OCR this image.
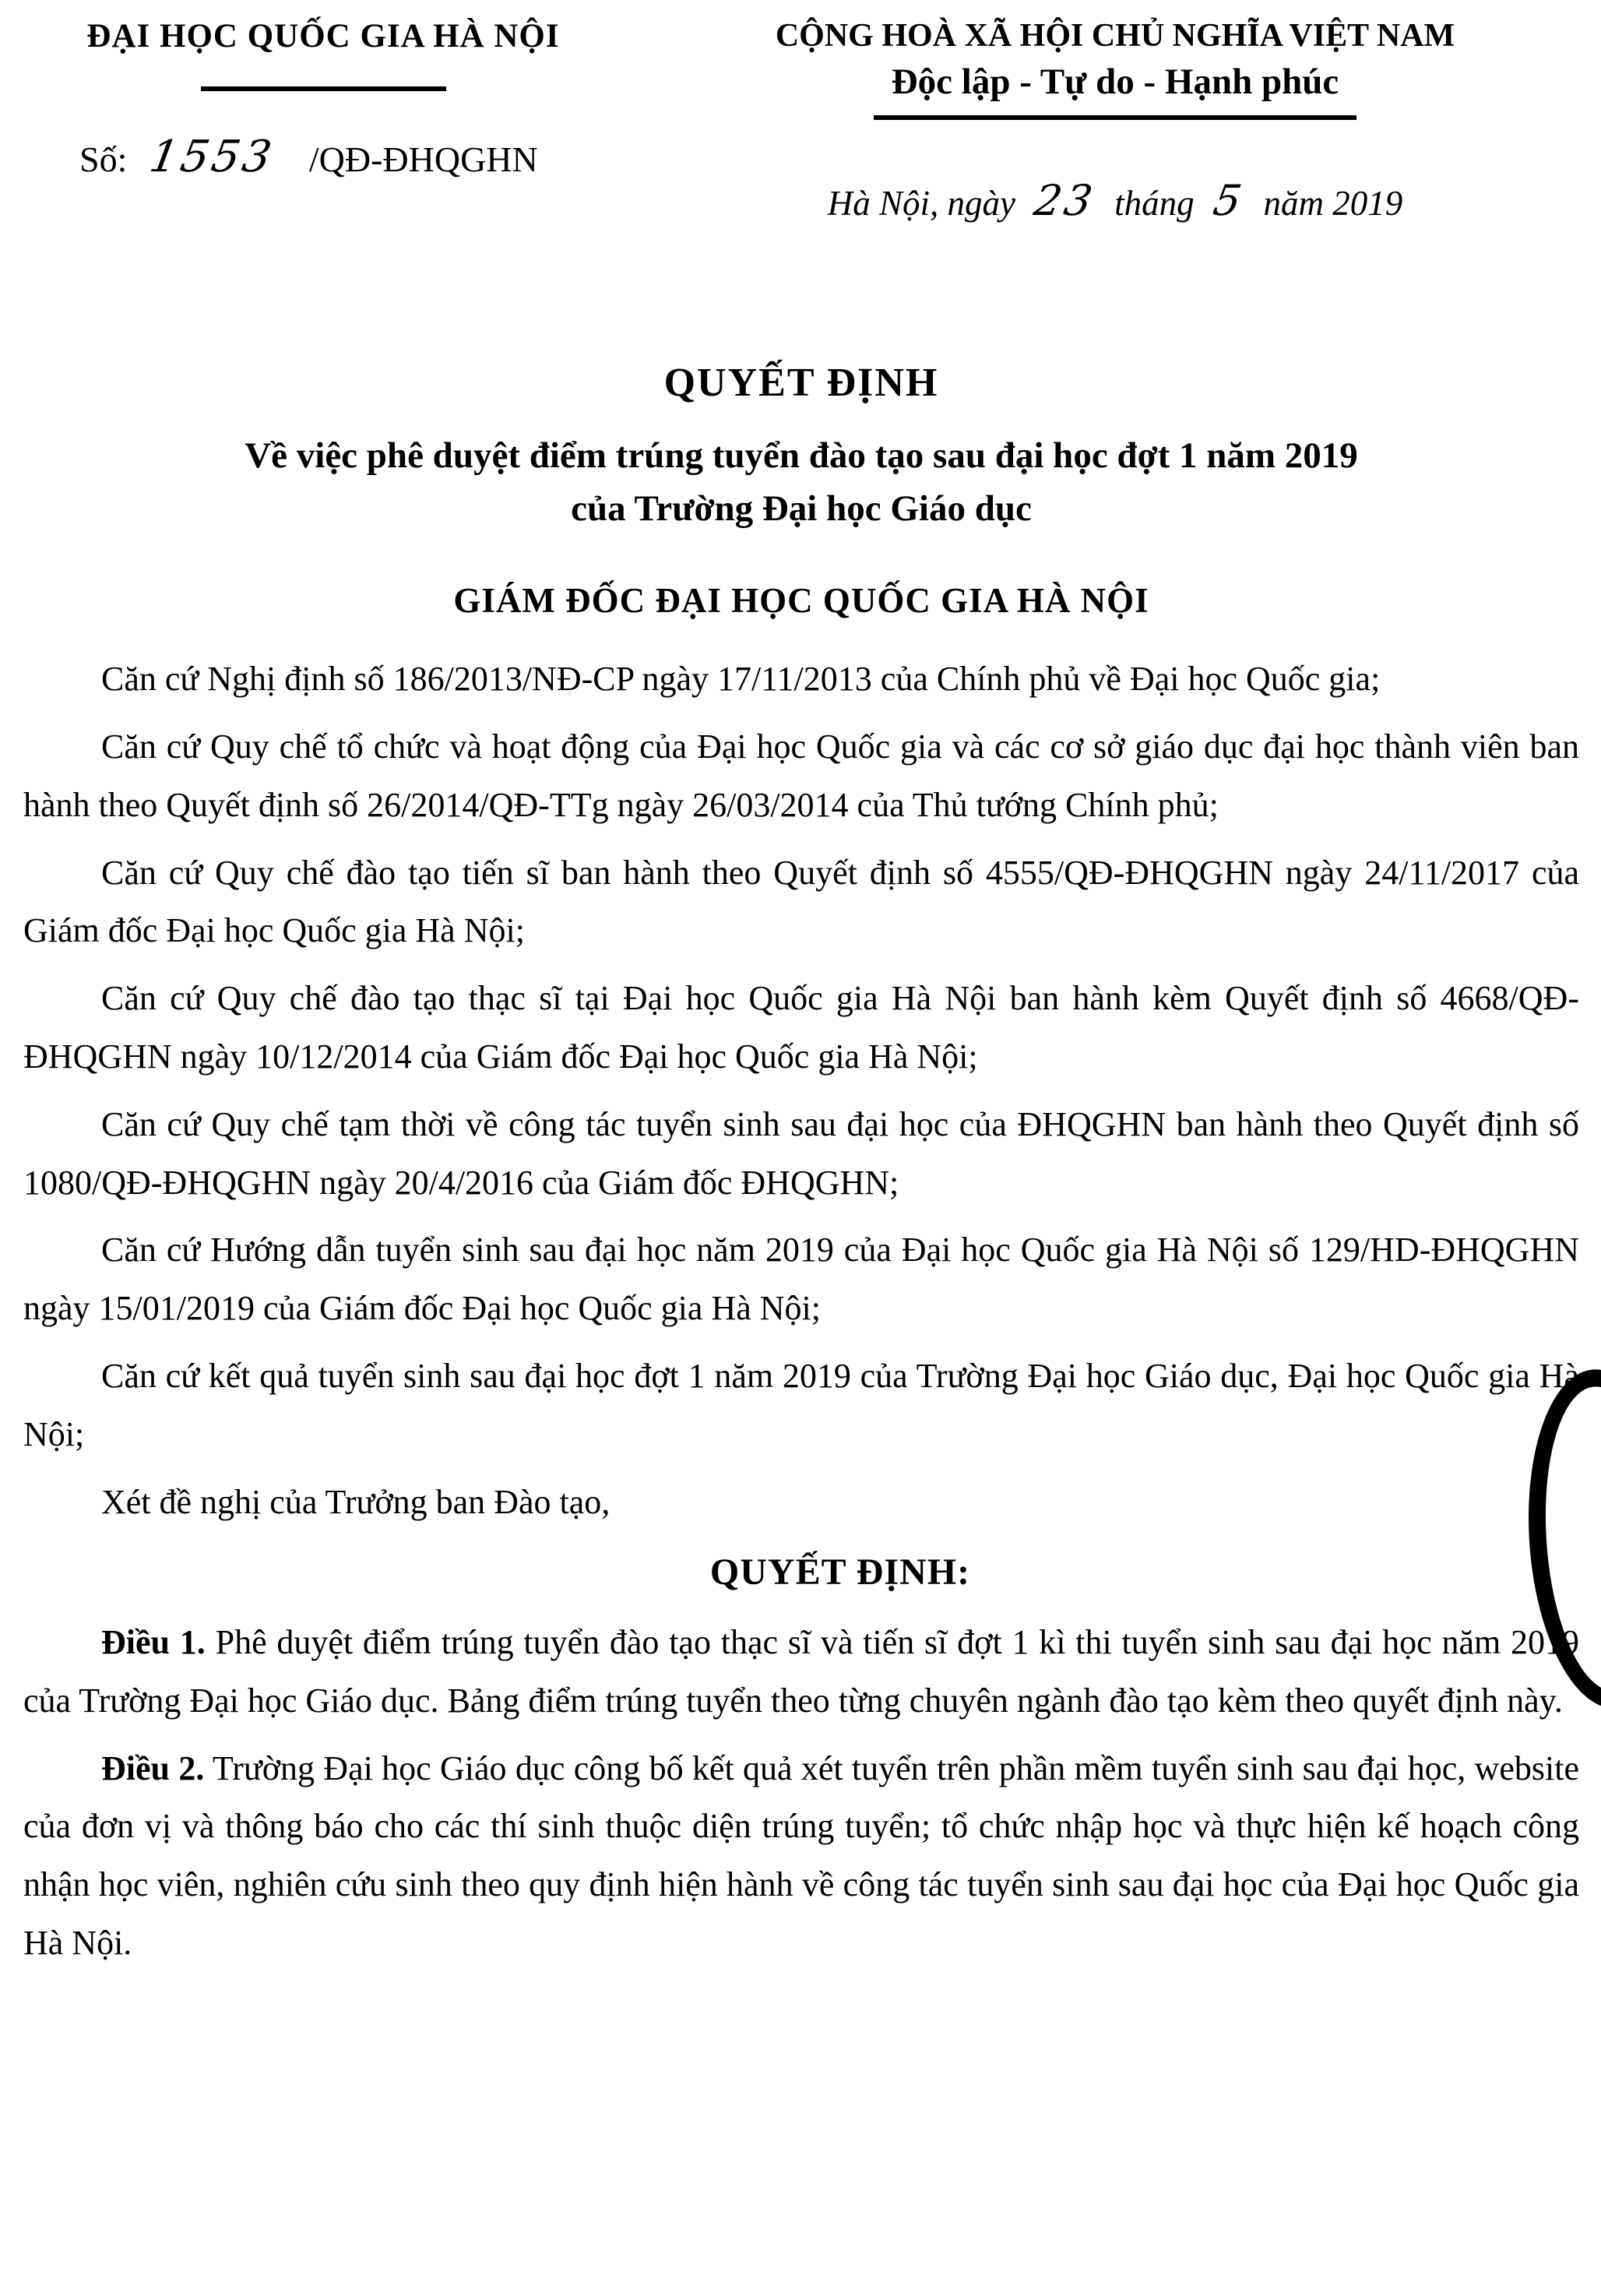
ĐẠI HỌC QUỐC GIA HÀ NỘI
Số: 1553 /QĐ-ĐHQGHN
CỘNG HOÀ XÃ HỘI CHỦ NGHĨA VIỆT NAM
Độc lập - Tự do - Hạnh phúc
Hà Nội, ngày 23 tháng 5 năm 2019
QUYẾT ĐỊNH
Về việc phê duyệt điểm trúng tuyển đào tạo sau đại học đợt 1 năm 2019
của Trường Đại học Giáo dục
GIÁM ĐỐC ĐẠI HỌC QUỐC GIA HÀ NỘI

Căn cứ Nghị định số 186/2013/NĐ-CP ngày 17/11/2013 của Chính phủ về Đại học Quốc gia;

Căn cứ Quy chế tổ chức và hoạt động của Đại học Quốc gia và các cơ sở giáo dục đại học thành viên ban hành theo Quyết định số 26/2014/QĐ-TTg ngày 26/03/2014 của Thủ tướng Chính phủ;

Căn cứ Quy chế đào tạo tiến sĩ ban hành theo Quyết định số 4555/QĐ-ĐHQGHN ngày 24/11/2017 của Giám đốc Đại học Quốc gia Hà Nội;

Căn cứ Quy chế đào tạo thạc sĩ tại Đại học Quốc gia Hà Nội ban hành kèm Quyết định số 4668/QĐ-ĐHQGHN ngày 10/12/2014 của Giám đốc Đại học Quốc gia Hà Nội;

Căn cứ Quy chế tạm thời về công tác tuyển sinh sau đại học của ĐHQGHN ban hành theo Quyết định số 1080/QĐ-ĐHQGHN ngày 20/4/2016 của Giám đốc ĐHQGHN;

Căn cứ Hướng dẫn tuyển sinh sau đại học năm 2019 của Đại học Quốc gia Hà Nội số 129/HD-ĐHQGHN ngày 15/01/2019 của Giám đốc Đại học Quốc gia Hà Nội;

Căn cứ kết quả tuyển sinh sau đại học đợt 1 năm 2019 của Trường Đại học Giáo dục, Đại học Quốc gia Hà Nội;

Xét đề nghị của Trưởng ban Đào tạo,

QUYẾT ĐỊNH:

Điều 1. Phê duyệt điểm trúng tuyển đào tạo thạc sĩ và tiến sĩ đợt 1 kì thi tuyển sinh sau đại học năm 2019 của Trường Đại học Giáo dục. Bảng điểm trúng tuyển theo từng chuyên ngành đào tạo kèm theo quyết định này.

Điều 2. Trường Đại học Giáo dục công bố kết quả xét tuyển trên phần mềm tuyển sinh sau đại học, website của đơn vị và thông báo cho các thí sinh thuộc diện trúng tuyển; tổ chức nhập học và thực hiện kế hoạch công nhận học viên, nghiên cứu sinh theo quy định hiện hành về công tác tuyển sinh sau đại học của Đại học Quốc gia Hà Nội.
